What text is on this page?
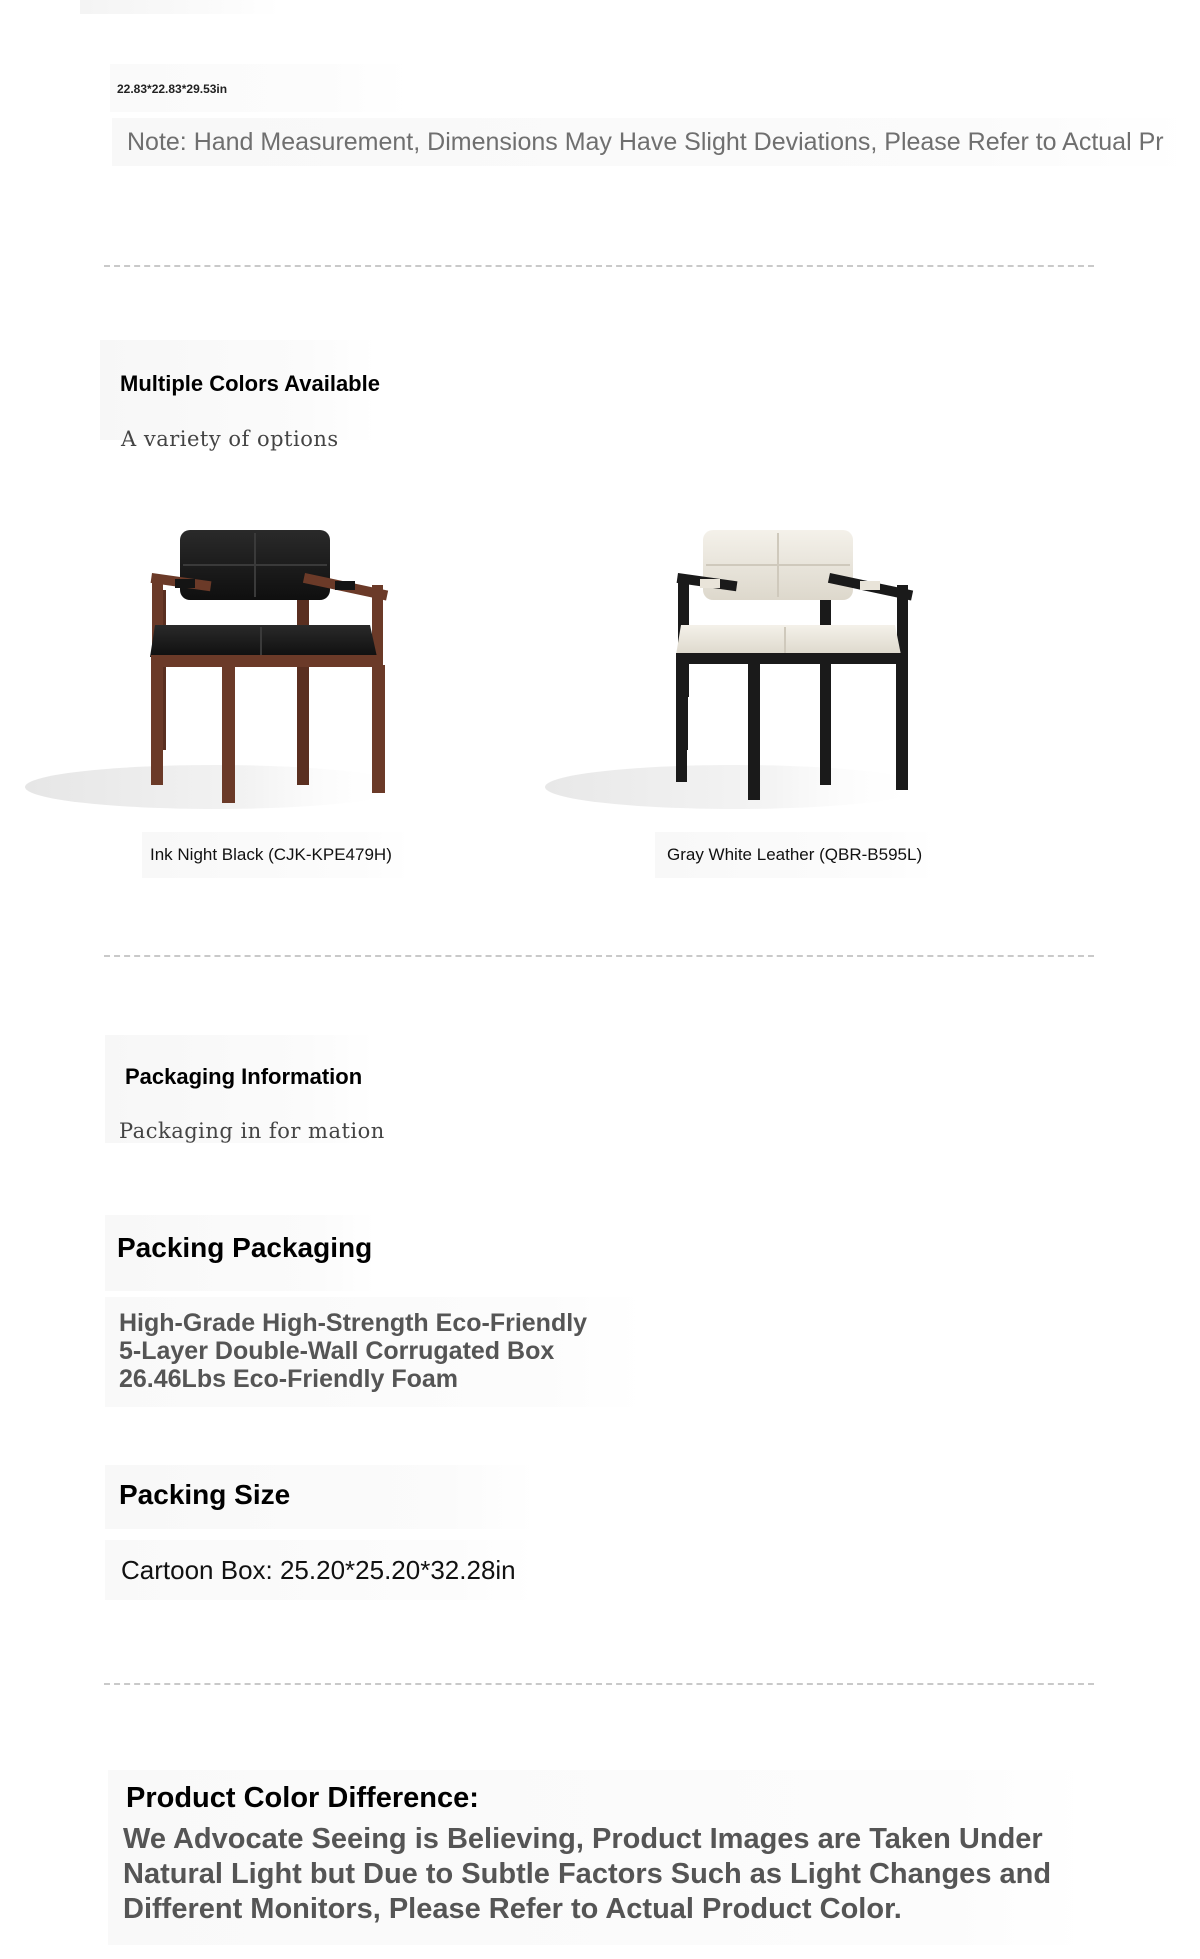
22.83*22.83*29.53in
Note: Hand Measurement, Dimensions May Have Slight Deviations, Please Refer to Actual Pr
Multiple Colors Available
A variety of options
Ink Night Black (CJK-KPE479H)	Gray White Leather (QBR-B595L)
Packaging Information
Packaging in for mation
Packing Packaging
High-Grade High-Strength Eco-Friendly
5-Layer Double-Wall Corrugated Box
26.46Lbs Eco-Friendly Foam
Packing Size
Cartoon Box: 25.20*25.20*32.28in
Product Color Difference:
We Advocate Seeing is Believing, Product Images are Taken Under
Natural Light but Due to Subtle Factors Such as Light Changes and
Different Monitors, Please Refer to Actual Product Color.
